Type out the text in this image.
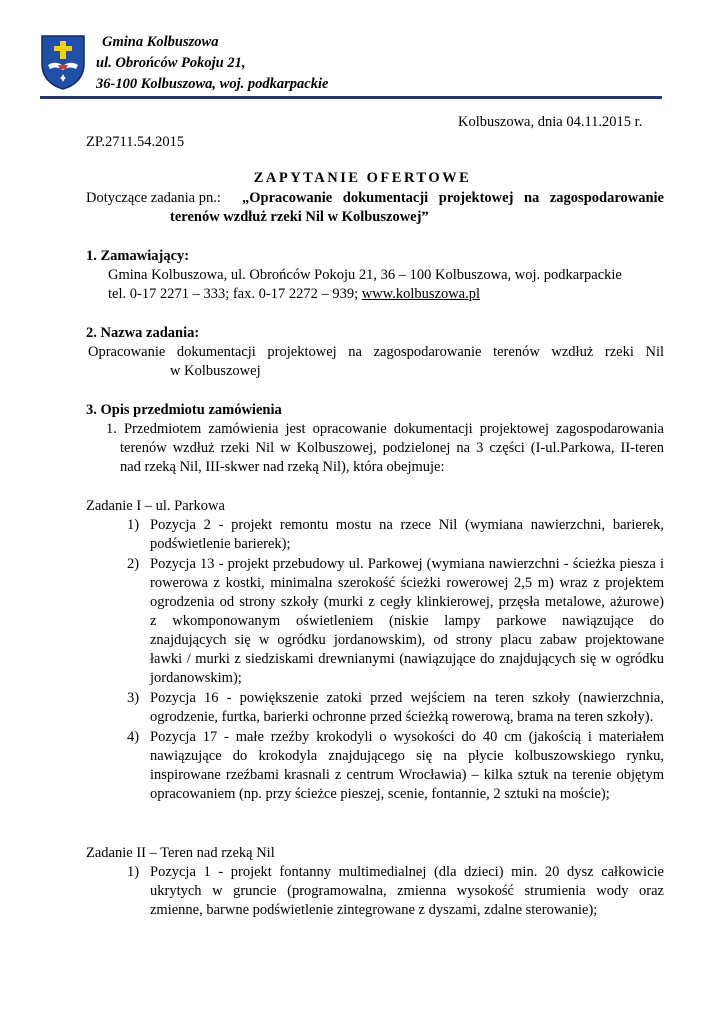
Gmina Kolbuszowa
ul. Obrońców Pokoju 21,
36-100 Kolbuszowa, woj. podkarpackie
Kolbuszowa, dnia 04.11.2015 r.
ZP.2711.54.2015
ZAPYTANIE OFERTOWE
Dotyczące zadania pn.: „Opracowanie dokumentacji projektowej na zagospodarowanie
terenów wzdłuż rzeki Nil w Kolbuszowej”
1. Zamawiający:
Gmina Kolbuszowa, ul. Obrońców Pokoju 21, 36 – 100 Kolbuszowa, woj. podkarpackie
tel. 0-17 2271 – 333; fax. 0-17 2272 – 939; www.kolbuszowa.pl
2. Nazwa zadania:
Opracowanie dokumentacji projektowej na zagospodarowanie terenów wzdłuż rzeki Nil
w Kolbuszowej
3. Opis przedmiotu zamówienia
1. Przedmiotem zamówienia jest opracowanie dokumentacji projektowej zagospodarowania
terenów wzdłuż rzeki Nil w Kolbuszowej, podzielonej na 3 części (I-ul.Parkowa, II-teren
nad rzeką Nil, III-skwer nad rzeką Nil), która obejmuje:
Zadanie I – ul. Parkowa
1) Pozycja 2 - projekt remontu mostu na rzece Nil (wymiana nawierzchni, barierek,
podświetlenie barierek);
2) Pozycja 13 - projekt przebudowy ul. Parkowej (wymiana nawierzchni - ścieżka piesza i
rowerowa z kostki, minimalna szerokość ścieżki rowerowej 2,5 m) wraz z projektem
ogrodzenia od strony szkoły (murki z cegły klinkierowej, przęsła metalowe, ażurowe)
z wkomponowanym oświetleniem (niskie lampy parkowe nawiązujące do
znajdujących się w ogródku jordanowskim), od strony placu zabaw projektowane
ławki / murki z siedziskami drewnianymi (nawiązujące do znajdujących się w ogródku
jordanowskim);
3) Pozycja 16 - powiększenie zatoki przed wejściem na teren szkoły (nawierzchnia,
ogrodzenie, furtka, barierki ochronne przed ścieżką rowerową, brama na teren szkoły).
4) Pozycja 17 - małe rzeźby krokodyli o wysokości do 40 cm (jakością i materiałem
nawiązujące do krokodyla znajdującego się na płycie kolbuszowskiego rynku,
inspirowane rzeźbami krasnali z centrum Wrocławia) – kilka sztuk na terenie objętym
opracowaniem (np. przy ścieżce pieszej, scenie, fontannie, 2 sztuki na moście);
Zadanie II – Teren nad rzeką Nil
1) Pozycja 1 - projekt fontanny multimedialnej (dla dzieci) min. 20 dysz całkowicie
ukrytych w gruncie (programowalna, zmienna wysokość strumienia wody oraz
zmienne, barwne podświetlenie zintegrowane z dyszami, zdalne sterowanie);
